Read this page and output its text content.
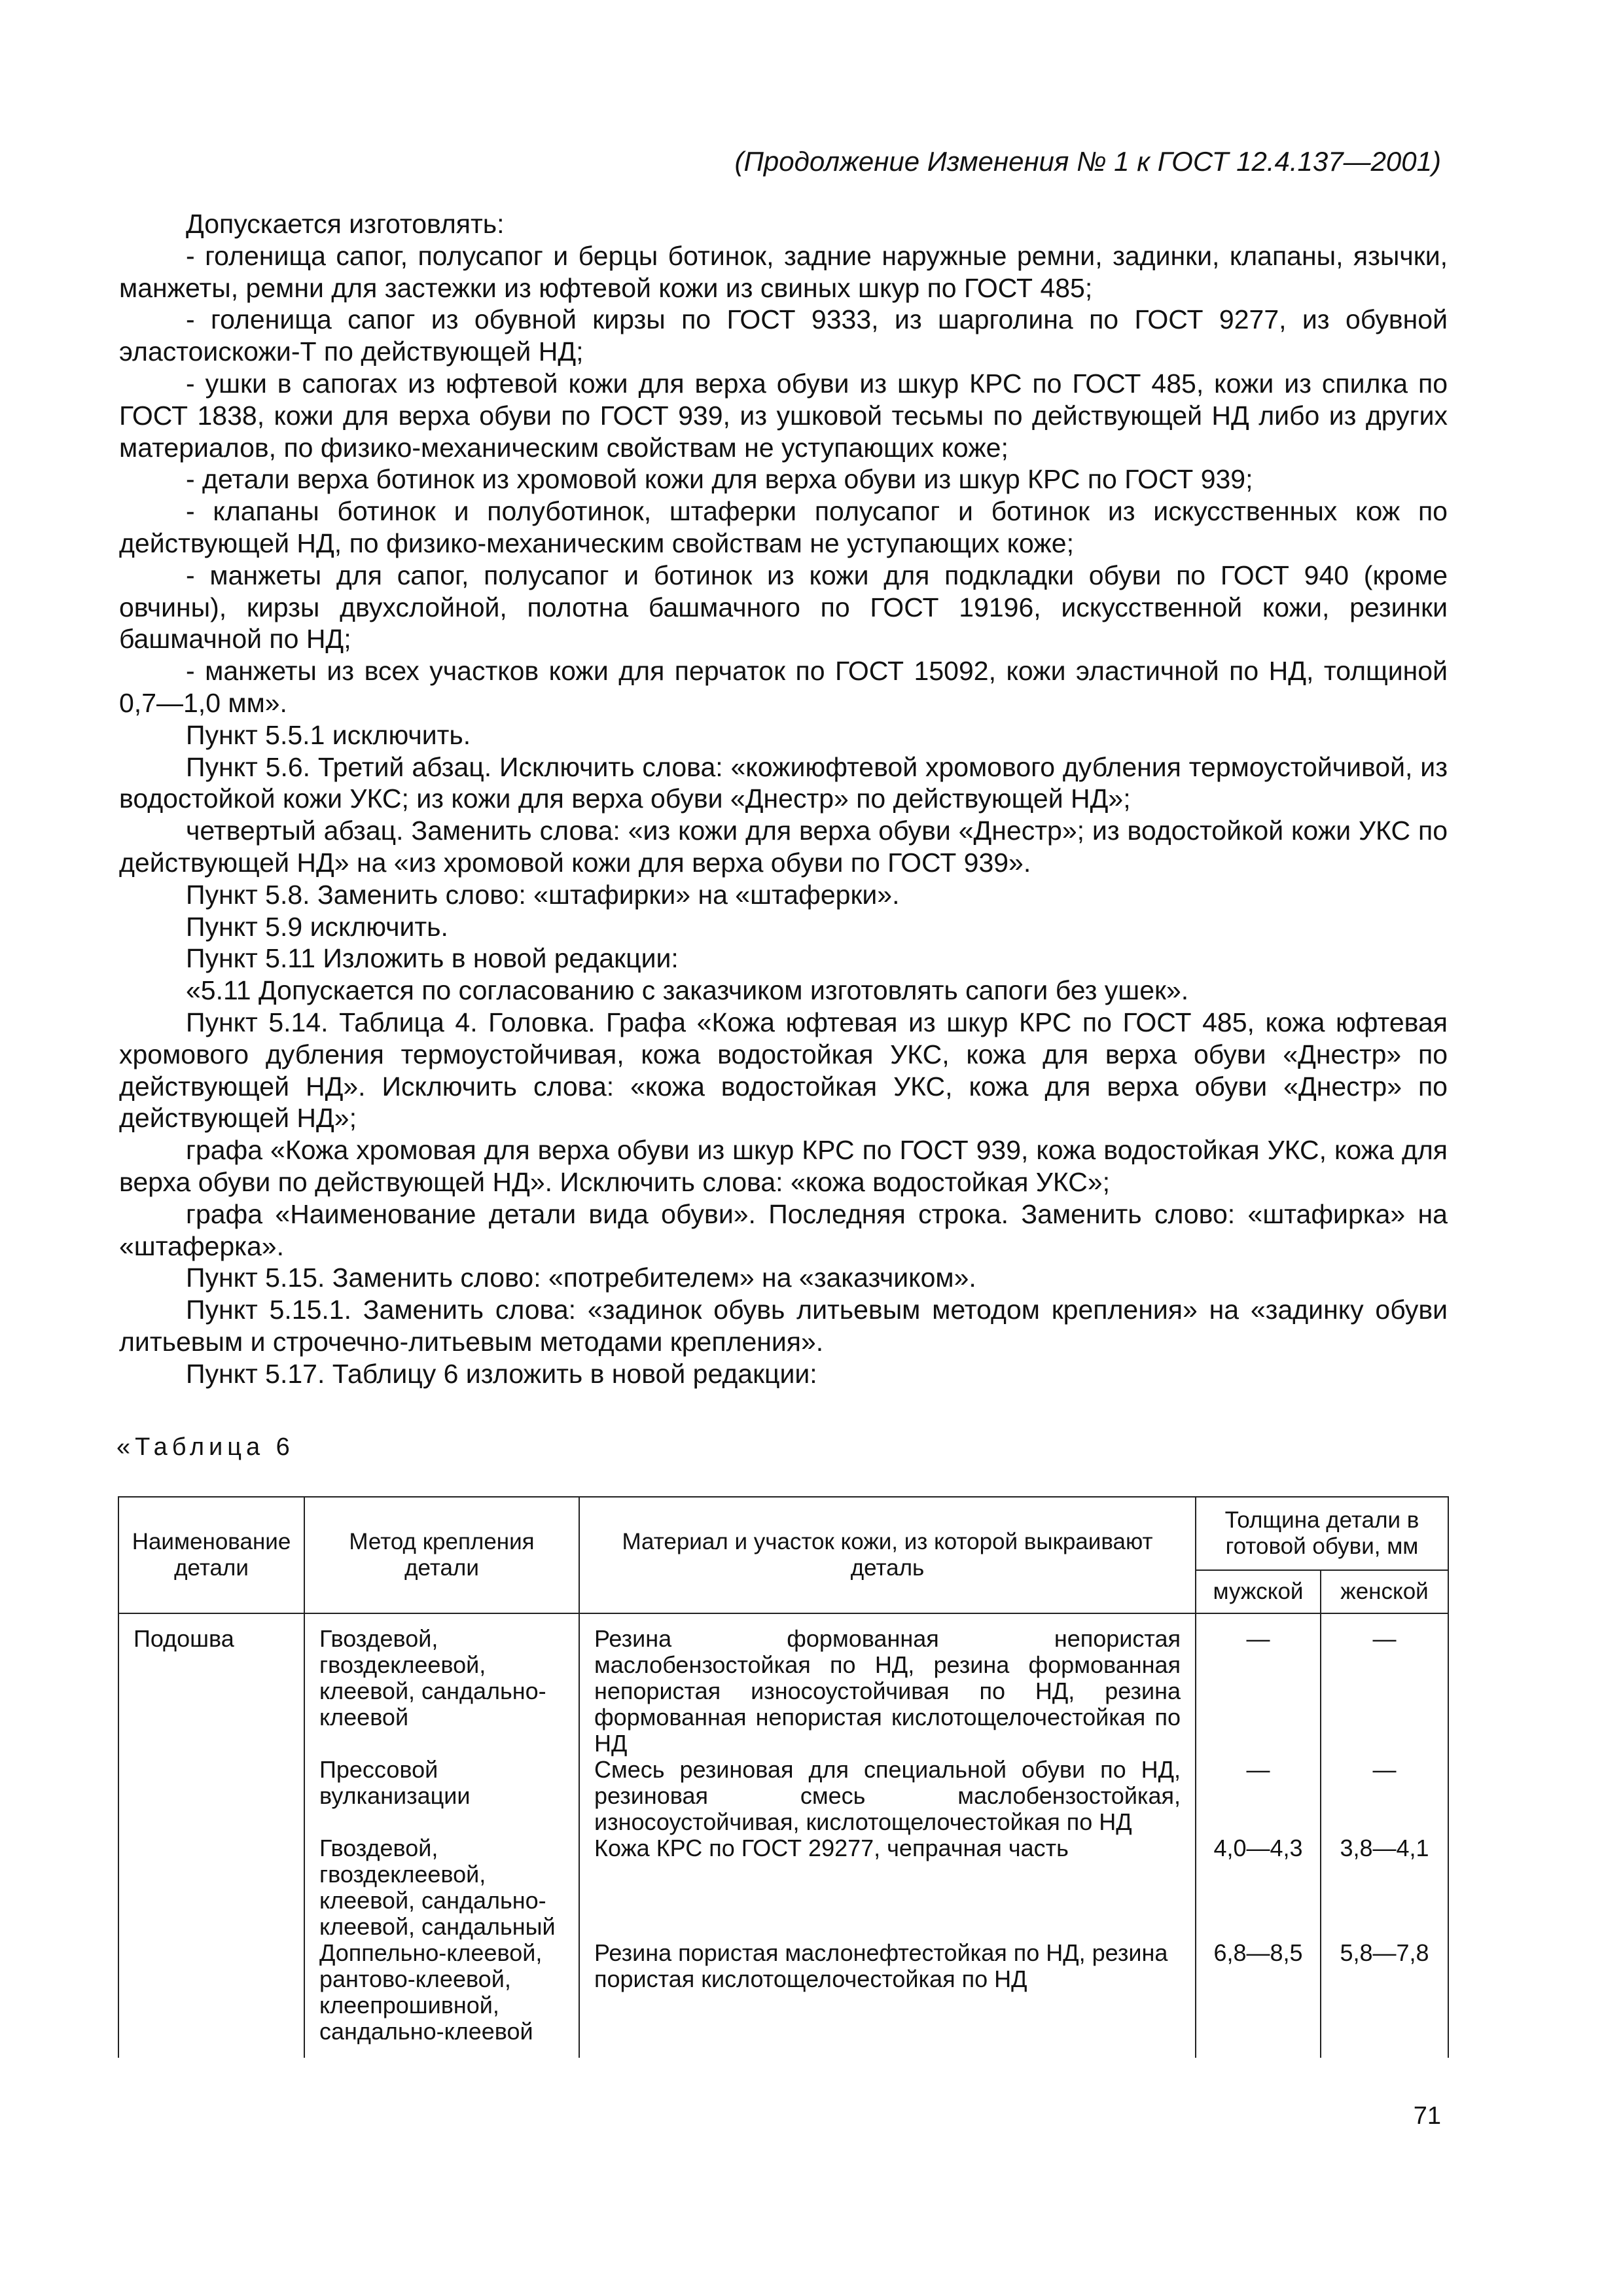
(Продолжение Изменения № 1 к ГОСТ 12.4.137—2001)

Допускается изготовлять:

- голенища сапог, полусапог и берцы ботинок, задние наружные ремни, задинки, клапаны, язычки, манжеты, ремни для застежки из юфтевой кожи из свиных шкур по ГОСТ 485;

- голенища сапог из обувной кирзы по ГОСТ 9333, из шарголина по ГОСТ 9277, из обувной эластоискожи-Т по действующей НД;

- ушки в сапогах из юфтевой кожи для верха обуви из шкур КРС по ГОСТ 485, кожи из спилка по ГОСТ 1838, кожи для верха обуви по ГОСТ 939, из ушковой тесьмы по действующей НД либо из других материалов, по физико-механическим свойствам не уступающих коже;

- детали верха ботинок из хромовой кожи для верха обуви из шкур КРС по ГОСТ 939;

- клапаны ботинок и полуботинок, штаферки полусапог и ботинок из искусственных кож по действующей НД, по физико-механическим свойствам не уступающих коже;

- манжеты для сапог, полусапог и ботинок из кожи для подкладки обуви по ГОСТ 940 (кроме овчины), кирзы двухслойной, полотна башмачного по ГОСТ 19196, искусственной кожи, резинки башмачной по НД;

- манжеты из всех участков кожи для перчаток по ГОСТ 15092, кожи эластичной по НД, толщиной 0,7—1,0 мм».

Пункт 5.5.1 исключить.

Пункт 5.6. Третий абзац. Исключить слова: «кожиюфтевой хромового дубления термоустойчивой, из водостойкой кожи УКС; из кожи для верха обуви «Днестр» по действующей НД»;

четвертый абзац. Заменить слова: «из кожи для верха обуви «Днестр»; из водостойкой кожи УКС по действующей НД» на «из хромовой кожи для верха обуви по ГОСТ 939».

Пункт 5.8. Заменить слово: «штафирки» на «штаферки».

Пункт 5.9 исключить.

Пункт 5.11 Изложить в новой редакции:

«5.11 Допускается по согласованию с заказчиком изготовлять сапоги без ушек».

Пункт 5.14. Таблица 4. Головка. Графа «Кожа юфтевая из шкур КРС по ГОСТ 485, кожа юфтевая хромового дубления термоустойчивая, кожа водостойкая УКС, кожа для верха обуви «Днестр» по действующей НД». Исключить слова: «кожа водостойкая УКС, кожа для верха обуви «Днестр» по действующей НД»;

графа «Кожа хромовая для верха обуви из шкур КРС по ГОСТ 939, кожа водостойкая УКС, кожа для верха обуви по действующей НД». Исключить слова: «кожа водостойкая УКС»;

графа «Наименование детали вида обуви». Последняя строка. Заменить слово: «штафирка» на «штаферка».

Пункт 5.15. Заменить слово: «потребителем» на «заказчиком».

Пункт 5.15.1. Заменить слова: «задинок обувь литьевым методом крепления» на «задинку обуви литьевым и строчечно-литьевым методами крепления».

Пункт 5.17. Таблицу 6 изложить в новой редакции:

«Таблица 6
Наименование детали	Метод крепления детали	Материал и участок кожи, из которой выкраивают деталь	Толщина детали в готовой обуви, мм	
			мужской	женской
Подошва	Гвоздевой, гвоздеклеевой, клеевой, сандально-клеевой	Резина формованная непористая маслобензостойкая по НД, резина формованная непористая износоустойчивая по НД, резина формованная непористая кислотощелочестойкая по НД	—	—
	Прессовой вулканизации	Смесь резиновая для специальной обуви по НД, резиновая смесь маслобензостойкая, износоустойчивая, кислотощелочестойкая по НД	—	—
	Гвоздевой, гвоздеклеевой, клеевой, сандально-клеевой, сандальный	Кожа КРС по ГОСТ 29277, чепрачная часть	4,0—4,3	3,8—4,1
	Доппельно-клеевой, рантово-клеевой, клеепрошивной, сандально-клеевой	Резина пористая маслонефтестойкая по НД, резина пористая кислотощелочестойкая по НД	6,8—8,5	5,8—7,8
71
